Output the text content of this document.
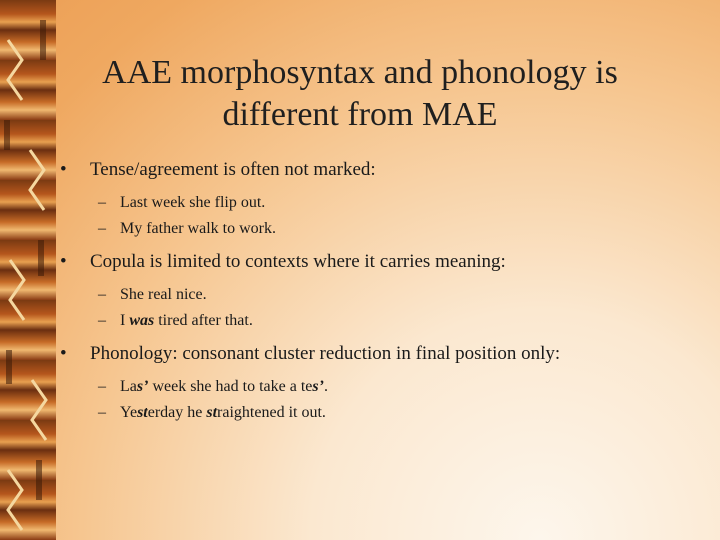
AAE morphosyntax and phonology is different from MAE
• Tense/agreement is often not marked:
– Last week she flip out.
– My father walk to work.
• Copula is limited to contexts where it carries meaning:
– She real nice.
– I was tired after that.
• Phonology: consonant cluster reduction in final position only:
– Las’ week she had to take a tes’.
– Yesterday he straightened it out.
